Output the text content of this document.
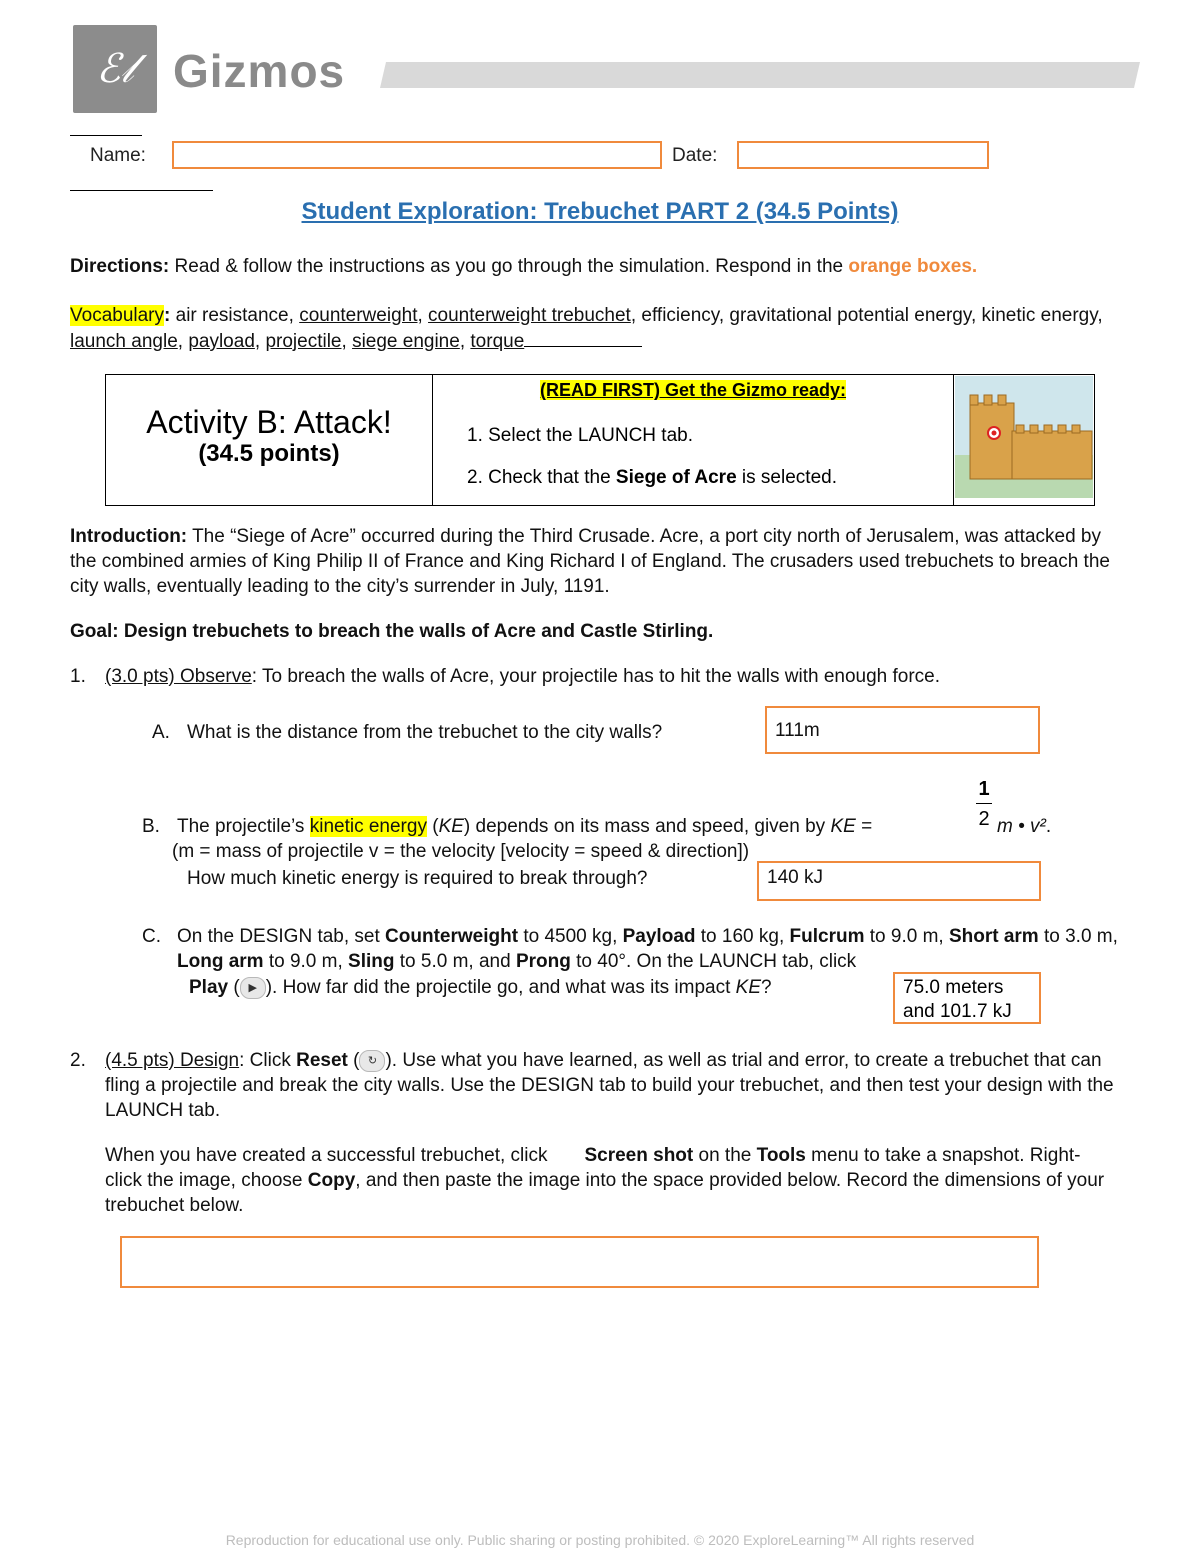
ℰ𝓁 Gizmos
Name:	Date:
Student Exploration: Trebuchet PART 2 (34.5 Points)
Directions: Read & follow the instructions as you go through the simulation. Respond in the orange boxes.
Vocabulary: air resistance, counterweight, counterweight trebuchet, efficiency, gravitational potential energy, kinetic energy, launch angle, payload, projectile, siege engine, torque
Activity B: Attack!
(34.5 points)

(READ FIRST) Get the Gizmo ready:
1. Select the LAUNCH tab.
2. Check that the Siege of Acre is selected.

Introduction: The “Siege of Acre” occurred during the Third Crusade. Acre, a port city north of Jerusalem, was attacked by the combined armies of King Philip II of France and King Richard I of England. The crusaders used trebuchets to breach the city walls, eventually leading to the city’s surrender in July, 1191.
Goal: Design trebuchets to breach the walls of Acre and Castle Stirling.
1. (3.0 pts) Observe: To breach the walls of Acre, your projectile has to hit the walls with enough force.
A. What is the distance from the trebuchet to the city walls?	111m
1
2
B. The projectile’s kinetic energy (KE) depends on its mass and speed, given by KE =	m • v².
(m = mass of projectile v = the velocity [velocity = speed & direction])
How much kinetic energy is required to break through?	140 kJ
C. On the DESIGN tab, set Counterweight to 4500 kg, Payload to 160 kg, Fulcrum to 9.0 m, Short arm to 3.0 m, Long arm to 9.0 m, Sling to 5.0 m, and Prong to 40°. On the LAUNCH tab, click
Play ( ▶ ). How far did the projectile go, and what was its impact KE?	75.0 meters
and 101.7 kJ
2. (4.5 pts) Design: Click Reset ( ↻ ). Use what you have learned, as well as trial and error, to create a trebuchet that can fling a projectile and break the city walls. Use the DESIGN tab to build your trebuchet, and then test your design with the LAUNCH tab.
When you have created a successful trebuchet, click Screen shot on the Tools menu to take a snapshot. Right-click the image, choose Copy, and then paste the image into the space provided below. Record the dimensions of your trebuchet below.
Reproduction for educational use only. Public sharing or posting prohibited. © 2020 ExploreLearning™ All rights reserved
